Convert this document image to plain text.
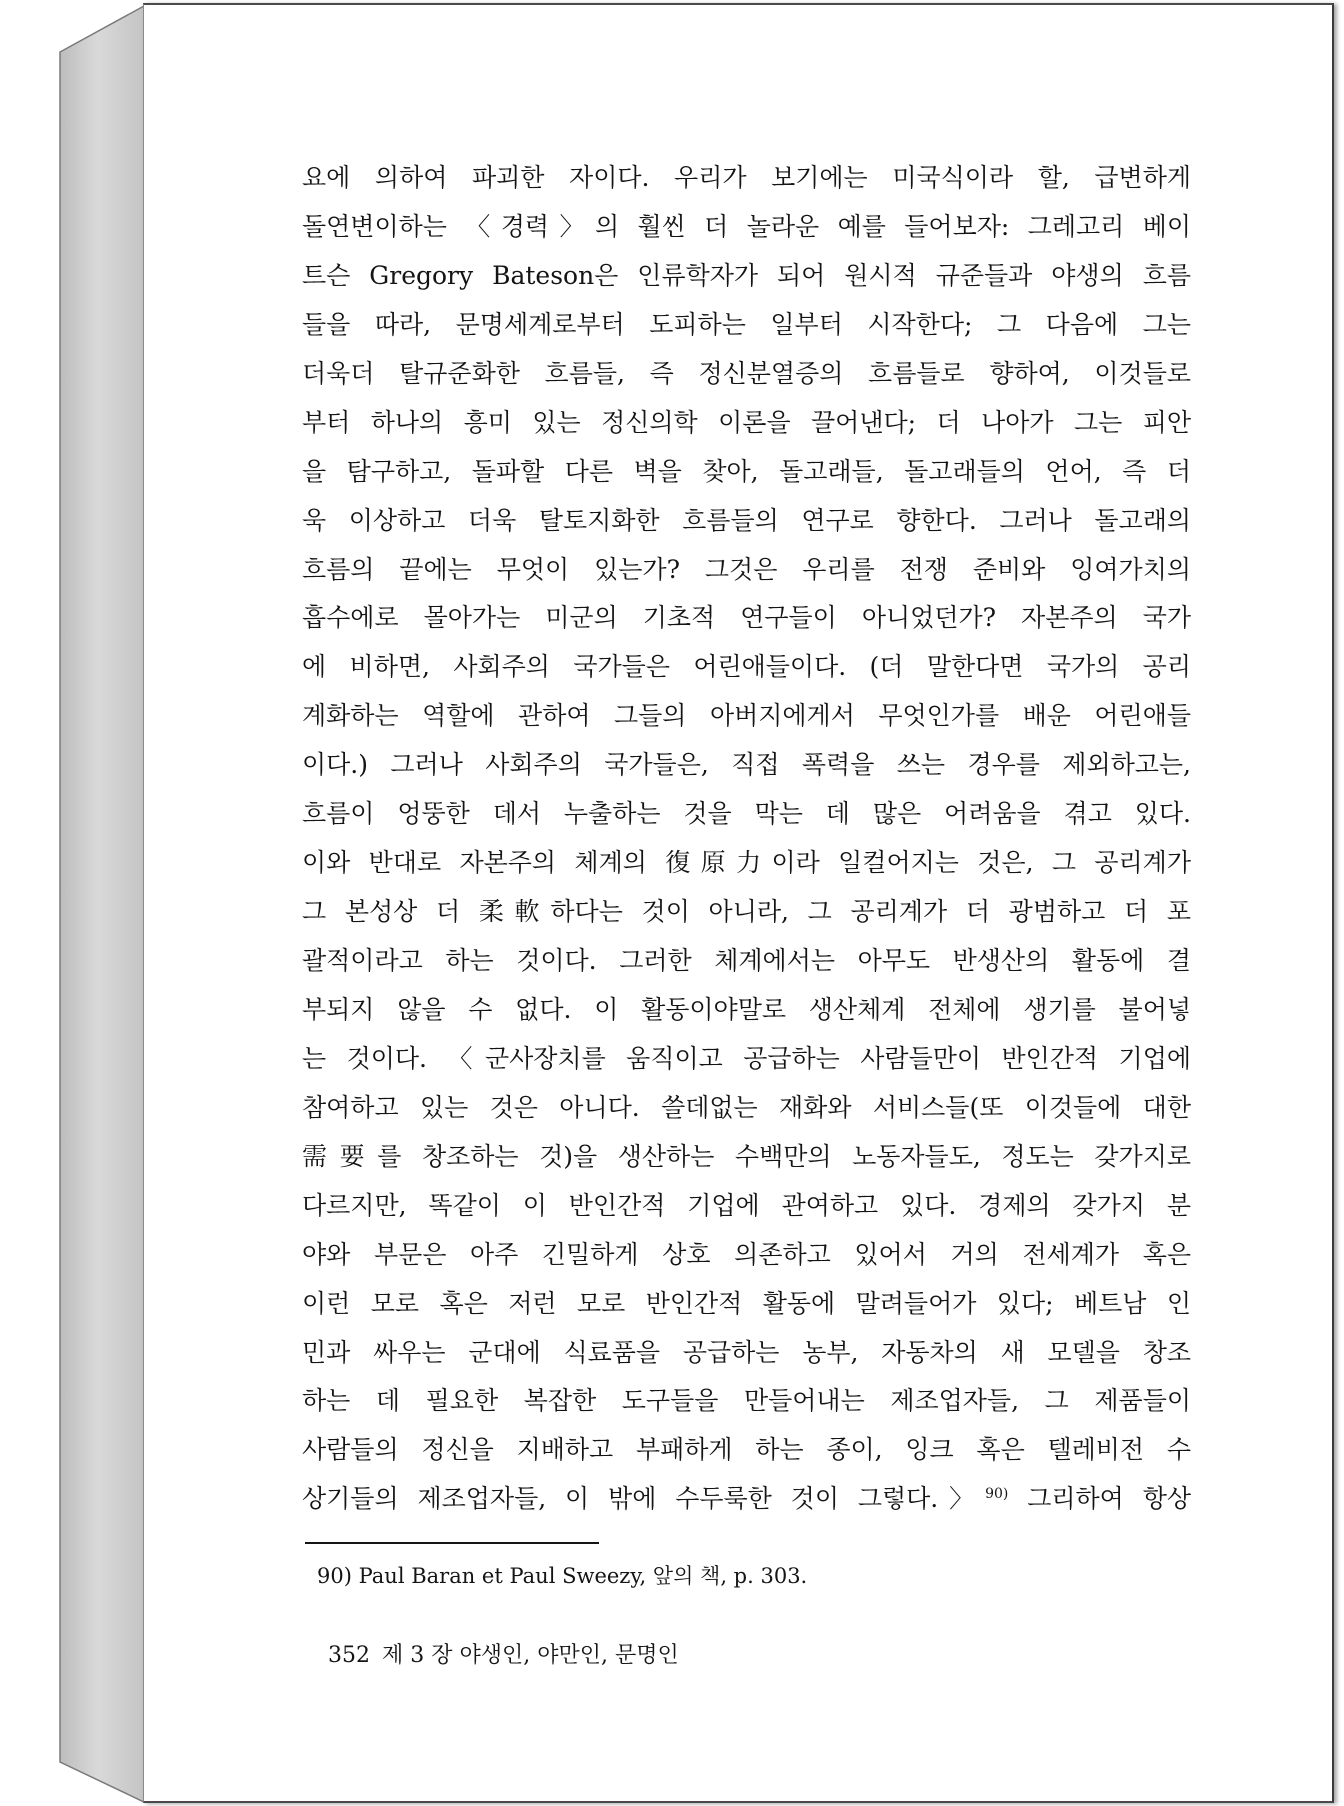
요에 의하여 파괴한 자이다. 우리가 보기에는 미국식이라 할, 급변하게
돌연변이하는 〈경력〉의 훨씬 더 놀라운 예를 들어보자: 그레고리 베이
트슨 Gregory Bateson은 인류학자가 되어 원시적 규준들과 야생의 흐름
들을 따라, 문명세계로부터 도피하는 일부터 시작한다; 그 다음에 그는
더욱더 탈규준화한 흐름들, 즉 정신분열증의 흐름들로 향하여, 이것들로
부터 하나의 흥미 있는 정신의학 이론을 끌어낸다; 더 나아가 그는 피안
을 탐구하고, 돌파할 다른 벽을 찾아, 돌고래들, 돌고래들의 언어, 즉 더
욱 이상하고 더욱 탈토지화한 흐름들의 연구로 향한다. 그러나 돌고래의
흐름의 끝에는 무엇이 있는가? 그것은 우리를 전쟁 준비와 잉여가치의
흡수에로 몰아가는 미군의 기초적 연구들이 아니었던가? 자본주의 국가
에 비하면, 사회주의 국가들은 어린애들이다. (더 말한다면 국가의 공리
계화하는 역할에 관하여 그들의 아버지에게서 무엇인가를 배운 어린애들
이다.) 그러나 사회주의 국가들은, 직접 폭력을 쓰는 경우를 제외하고는,
흐름이 엉뚱한 데서 누출하는 것을 막는 데 많은 어려움을 겪고 있다.
이와 반대로 자본주의 체계의 復原力이라 일컬어지는 것은, 그 공리계가
그 본성상 더 柔軟하다는 것이 아니라, 그 공리계가 더 광범하고 더 포
괄적이라고 하는 것이다. 그러한 체계에서는 아무도 반생산의 활동에 결
부되지 않을 수 없다. 이 활동이야말로 생산체계 전체에 생기를 불어넣
는 것이다. 〈군사장치를 움직이고 공급하는 사람들만이 반인간적 기업에
참여하고 있는 것은 아니다. 쓸데없는 재화와 서비스들(또 이것들에 대한
需要를 창조하는 것)을 생산하는 수백만의 노동자들도, 정도는 갖가지로
다르지만, 똑같이 이 반인간적 기업에 관여하고 있다. 경제의 갖가지 분
야와 부문은 아주 긴밀하게 상호 의존하고 있어서 거의 전세계가 혹은
이런 모로 혹은 저런 모로 반인간적 활동에 말려들어가 있다; 베트남 인
민과 싸우는 군대에 식료품을 공급하는 농부, 자동차의 새 모델을 창조
하는 데 필요한 복잡한 도구들을 만들어내는 제조업자들, 그 제품들이
사람들의 정신을 지배하고 부패하게 하는 종이, 잉크 혹은 텔레비전 수
상기들의 제조업자들, 이 밖에 수두룩한 것이 그렇다.〉$^{90)}$ 그리하여 항상
90) Paul Baran et Paul Sweezy, 앞의 책, p. 303.
352 제 3 장 야생인, 야만인, 문명인
